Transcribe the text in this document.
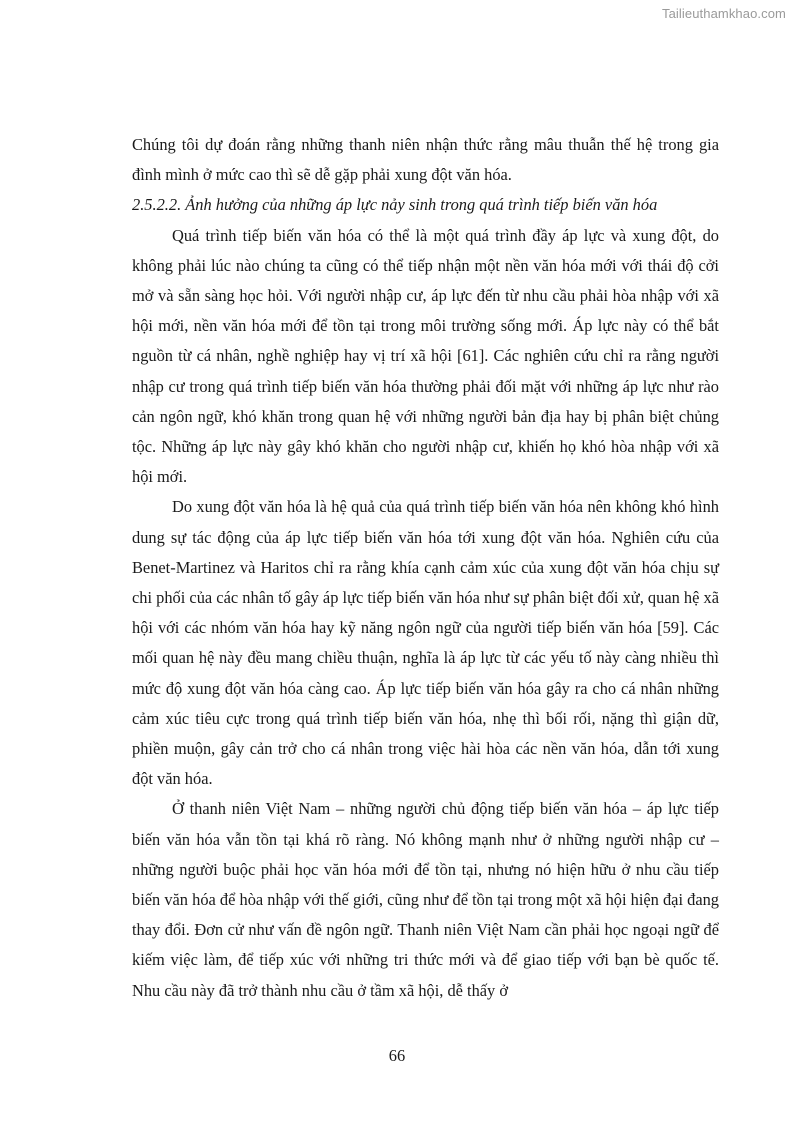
Tailieuthamkhao.com

Chúng tôi dự đoán rằng những thanh niên nhận thức rằng mâu thuẫn thế hệ trong gia đình mình ở mức cao thì sẽ dễ gặp phải xung đột văn hóa.

2.5.2.2. Ảnh hưởng của những áp lực nảy sinh trong quá trình tiếp biến văn hóa

Quá trình tiếp biến văn hóa có thể là một quá trình đầy áp lực và xung đột, do không phải lúc nào chúng ta cũng có thể tiếp nhận một nền văn hóa mới với thái độ cởi mở và sẵn sàng học hỏi. Với người nhập cư, áp lực đến từ nhu cầu phải hòa nhập với xã hội mới, nền văn hóa mới để tồn tại trong môi trường sống mới. Áp lực này có thể bắt nguồn từ cá nhân, nghề nghiệp hay vị trí xã hội [61]. Các nghiên cứu chỉ ra rằng người nhập cư trong quá trình tiếp biến văn hóa thường phải đối mặt với những áp lực như rào cản ngôn ngữ, khó khăn trong quan hệ với những người bản địa hay bị phân biệt chủng tộc. Những áp lực này gây khó khăn cho người nhập cư, khiến họ khó hòa nhập với xã hội mới.

Do xung đột văn hóa là hệ quả của quá trình tiếp biến văn hóa nên không khó hình dung sự tác động của áp lực tiếp biến văn hóa tới xung đột văn hóa. Nghiên cứu của Benet-Martinez và Haritos chỉ ra rằng khía cạnh cảm xúc của xung đột văn hóa chịu sự chi phối của các nhân tố gây áp lực tiếp biến văn hóa như sự phân biệt đối xử, quan hệ xã hội với các nhóm văn hóa hay kỹ năng ngôn ngữ của người tiếp biến văn hóa [59]. Các mối quan hệ này đều mang chiều thuận, nghĩa là áp lực từ các yếu tố này càng nhiều thì mức độ xung đột văn hóa càng cao. Áp lực tiếp biến văn hóa gây ra cho cá nhân những cảm xúc tiêu cực trong quá trình tiếp biến văn hóa, nhẹ thì bối rối, nặng thì giận dữ, phiền muộn, gây cản trở cho cá nhân trong việc hài hòa các nền văn hóa, dẫn tới xung đột văn hóa.

Ở thanh niên Việt Nam – những người chủ động tiếp biến văn hóa – áp lực tiếp biến văn hóa vẫn tồn tại khá rõ ràng. Nó không mạnh như ở những người nhập cư – những người buộc phải học văn hóa mới để tồn tại, nhưng nó hiện hữu ở nhu cầu tiếp biến văn hóa để hòa nhập với thế giới, cũng như để tồn tại trong một xã hội hiện đại đang thay đổi. Đơn cử như vấn đề ngôn ngữ. Thanh niên Việt Nam cần phải học ngoại ngữ để kiếm việc làm, để tiếp xúc với những tri thức mới và để giao tiếp với bạn bè quốc tế. Nhu cầu này đã trở thành nhu cầu ở tầm xã hội, dễ thấy ở

66
